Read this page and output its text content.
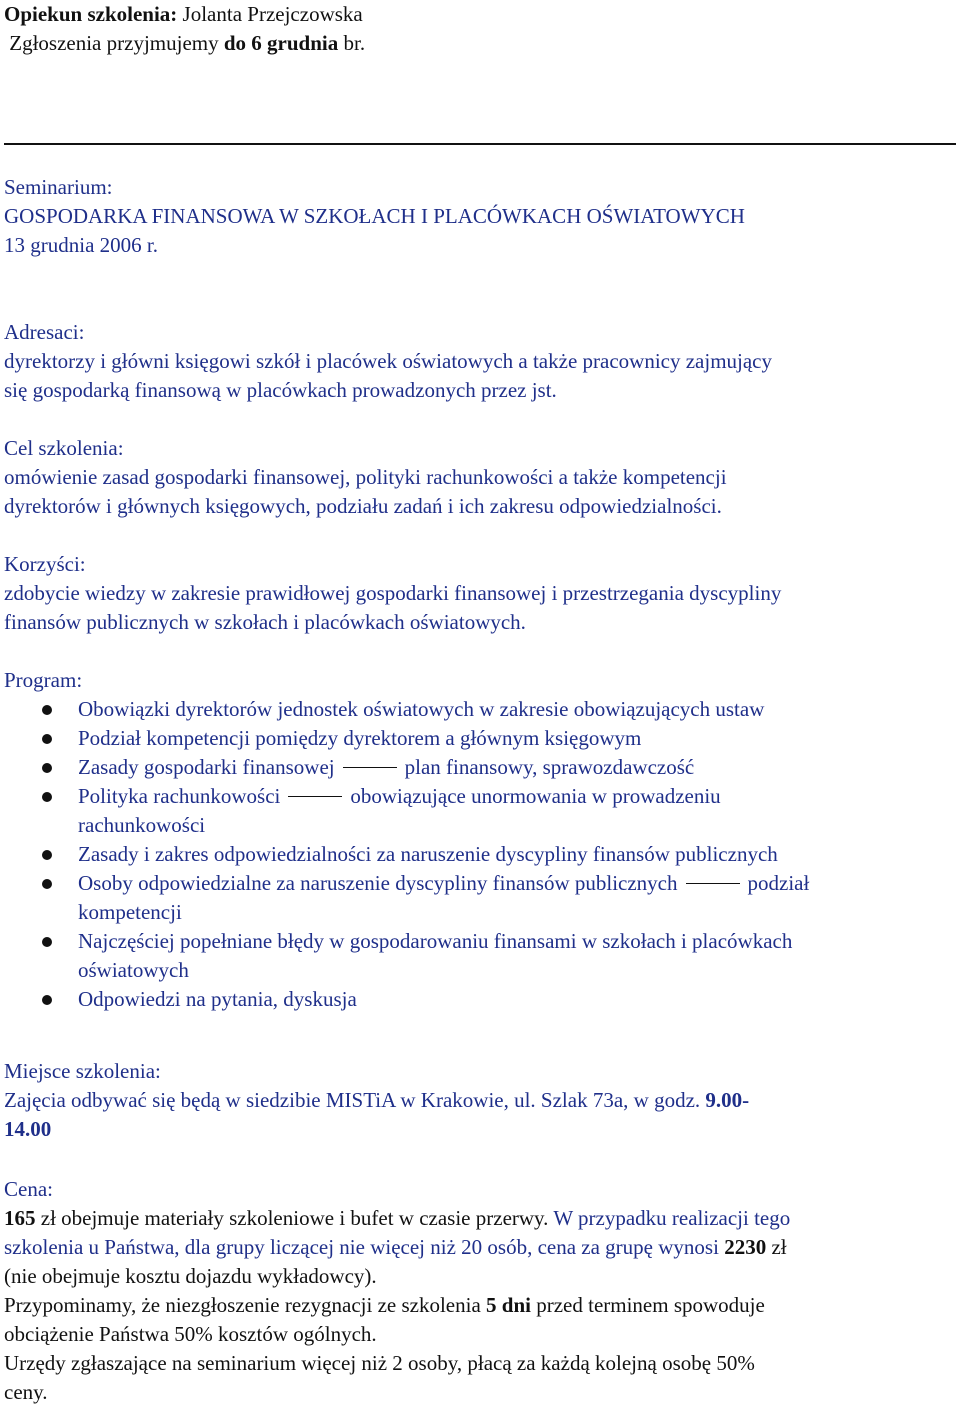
Opiekun szkolenia: Jolanta Przejczowska
Zgłoszenia przyjmujemy do 6 grudnia br.
Seminarium:
GOSPODARKA FINANSOWA W SZKOŁACH I PLACÓWKACH OŚWIATOWYCH
13 grudnia 2006 r.
Adresaci:
dyrektorzy i główni księgowi szkół i placówek oświatowych a także pracownicy zajmujący
się gospodarką finansową w placówkach prowadzonych przez jst.
Cel szkolenia:
omówienie zasad gospodarki finansowej, polityki rachunkowości a także kompetencji
dyrektorów i głównych księgowych, podziału zadań i ich zakresu odpowiedzialności.
Korzyści:
zdobycie wiedzy w zakresie prawidłowej gospodarki finansowej i przestrzegania dyscypliny
finansów publicznych w szkołach i placówkach oświatowych.
Program:
Obowiązki dyrektorów jednostek oświatowych w zakresie obowiązujących ustaw
Podział kompetencji pomiędzy dyrektorem a głównym księgowym
Zasady gospodarki finansowej	plan finansowy, sprawozdawczość
Polityka rachunkowości	obowiązujące unormowania w prowadzeniu
rachunkowości
Zasady i zakres odpowiedzialności za naruszenie dyscypliny finansów publicznych
Osoby odpowiedzialne za naruszenie dyscypliny finansów publicznych	podział
kompetencji
Najczęściej popełniane błędy w gospodarowaniu finansami w szkołach i placówkach
oświatowych
Odpowiedzi na pytania, dyskusja
Miejsce szkolenia:
Zajęcia odbywać się będą w siedzibie MISTiA w Krakowie, ul. Szlak 73a, w godz. 9.00-
14.00
Cena:
165 zł obejmuje materiały szkoleniowe i bufet w czasie przerwy. W przypadku realizacji tego
szkolenia u Państwa, dla grupy liczącej nie więcej niż 20 osób, cena za grupę wynosi 2230 zł
(nie obejmuje kosztu dojazdu wykładowcy).
Przypominamy, że niezgłoszenie rezygnacji ze szkolenia 5 dni przed terminem spowoduje
obciążenie Państwa 50% kosztów ogólnych.
Urzędy zgłaszające na seminarium więcej niż 2 osoby, płacą za każdą kolejną osobę 50%
ceny.
